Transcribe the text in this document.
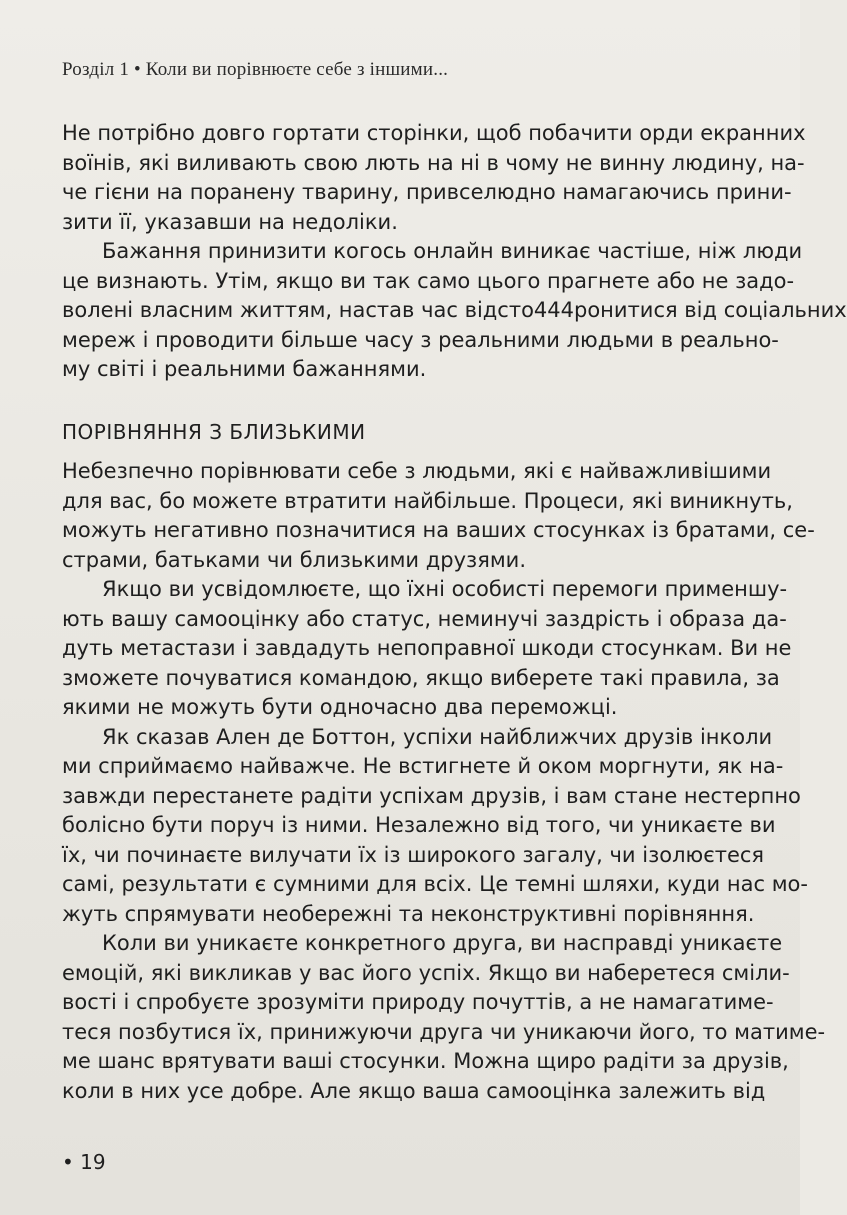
Розділ 1 • Коли ви порівнюєте себе з іншими...
Не потрібно довго гортати сторінки, щоб побачити орди екранних
воїнів, які виливають свою лють на ні в чому не винну людину, на-
че гієни на поранену тварину, привселюдно намагаючись прини-
зити її, указавши на недоліки.
Бажання принизити когось онлайн виникає частіше, ніж люди
це визнають. Утім, якщо ви так само цього прагнете або не задо-
волені власним життям, настав час відсто444ронитися від соціальних
мереж і проводити більше часу з реальними людьми в реально-
му світі і реальними бажаннями.
ПОРІВНЯННЯ З БЛИЗЬКИМИ
Небезпечно порівнювати себе з людьми, які є найважливішими
для вас, бо можете втратити найбільше. Процеси, які виникнуть,
можуть негативно позначитися на ваших стосунках із братами, се-
страми, батьками чи близькими друзями.
Якщо ви усвідомлюєте, що їхні особисті перемоги применшу-
ють вашу самооцінку або статус, неминучі заздрість і образа да-
дуть метастази і завдадуть непоправної шкоди стосункам. Ви не
зможете почуватися командою, якщо виберете такі правила, за
якими не можуть бути одночасно два переможці.
Як сказав Ален де Боттон, успіхи найближчих друзів інколи
ми сприймаємо найважче. Не встигнете й оком моргнути, як на-
завжди перестанете радіти успіхам друзів, і вам стане нестерпно
болісно бути поруч із ними. Незалежно від того, чи уникаєте ви
їх, чи починаєте вилучати їх із широкого загалу, чи ізолюєтеся
самі, результати є сумними для всіх. Це темні шляхи, куди нас мо-
жуть спрямувати необережні та неконструктивні порівняння.
Коли ви уникаєте конкретного друга, ви насправді уникаєте
емоцій, які викликав у вас його успіх. Якщо ви наберетеся сміли-
вості і спробуєте зрозуміти природу почуттів, а не намагатиме-
теся позбутися їх, принижуючи друга чи уникаючи його, то матиме-
ме шанс врятувати ваші стосунки. Можна щиро радіти за друзів,
коли в них усе добре. Але якщо ваша самооцінка залежить від
• 19
